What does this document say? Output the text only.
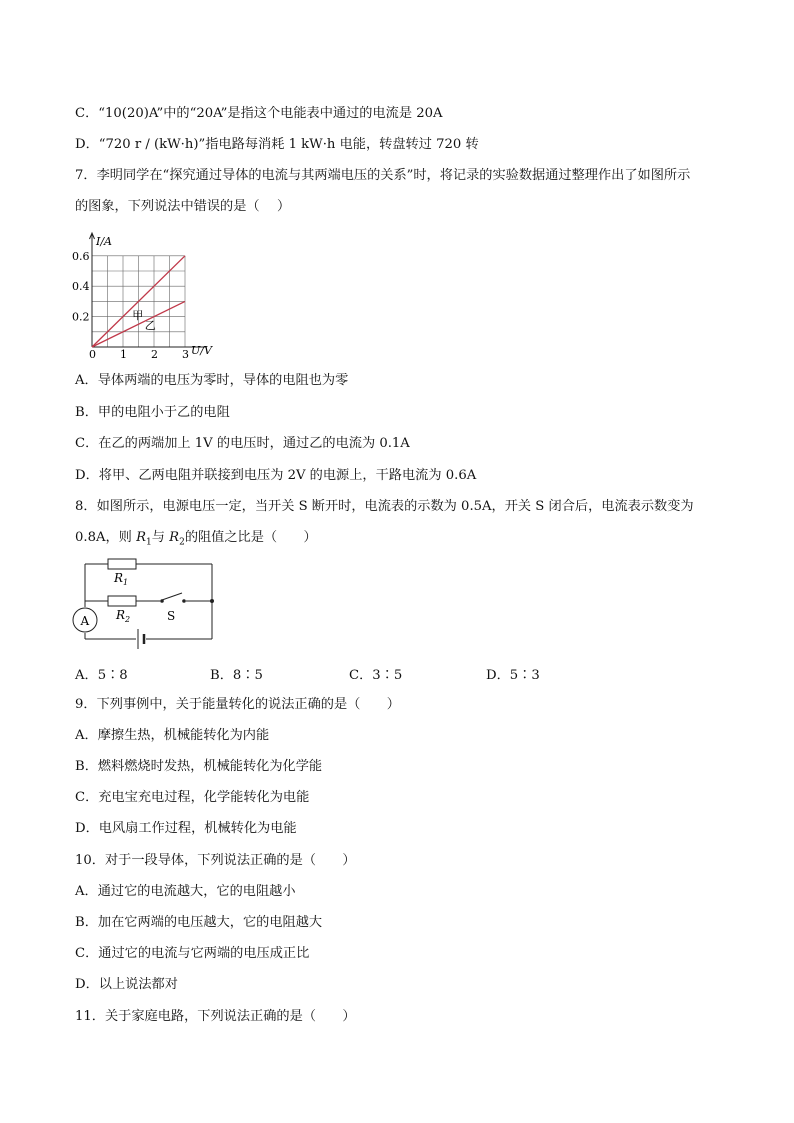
C．“10(20)A”中的“20A”是指这个电能表中通过的电流是 20A
D．“720 r / (kW·h)”指电路每消耗 1 kW·h 电能，转盘转过 720 转
7．李明同学在“探究通过导体的电流与其两端电压的关系”时，将记录的实验数据通过整理作出了如图所示
的图象，下列说法中错误的是（　 ）
I/A
U/V
0 1 2 3
0.2
0.4
0.6
甲
乙
A．导体两端的电压为零时，导体的电阻也为零
B．甲的电阻小于乙的电阻
C．在乙的两端加上 1V 的电压时，通过乙的电流为 0.1A
D．将甲、乙两电阻并联接到电压为 2V 的电源上，干路电流为 0.6A
8．如图所示，电源电压一定，当开关 S 断开时，电流表的示数为 0.5A，开关 S 闭合后，电流表示数变为
0.8A，则 $R_1$与 $R_2$的阻值之比是（　　）
A
$R_1$
$R_2$	S
A．5∶8	B．8∶5	C．3∶5	D．5∶3
9．下列事例中，关于能量转化的说法正确的是（　　）
A．摩擦生热，机械能转化为内能
B．燃料燃烧时发热，机械能转化为化学能
C．充电宝充电过程，化学能转化为电能
D．电风扇工作过程，机械转化为电能
10．对于一段导体，下列说法正确的是（　　）
A．通过它的电流越大，它的电阻越小
B．加在它两端的电压越大，它的电阻越大
C．通过它的电流与它两端的电压成正比
D．以上说法都对
11．关于家庭电路，下列说法正确的是（　　）
